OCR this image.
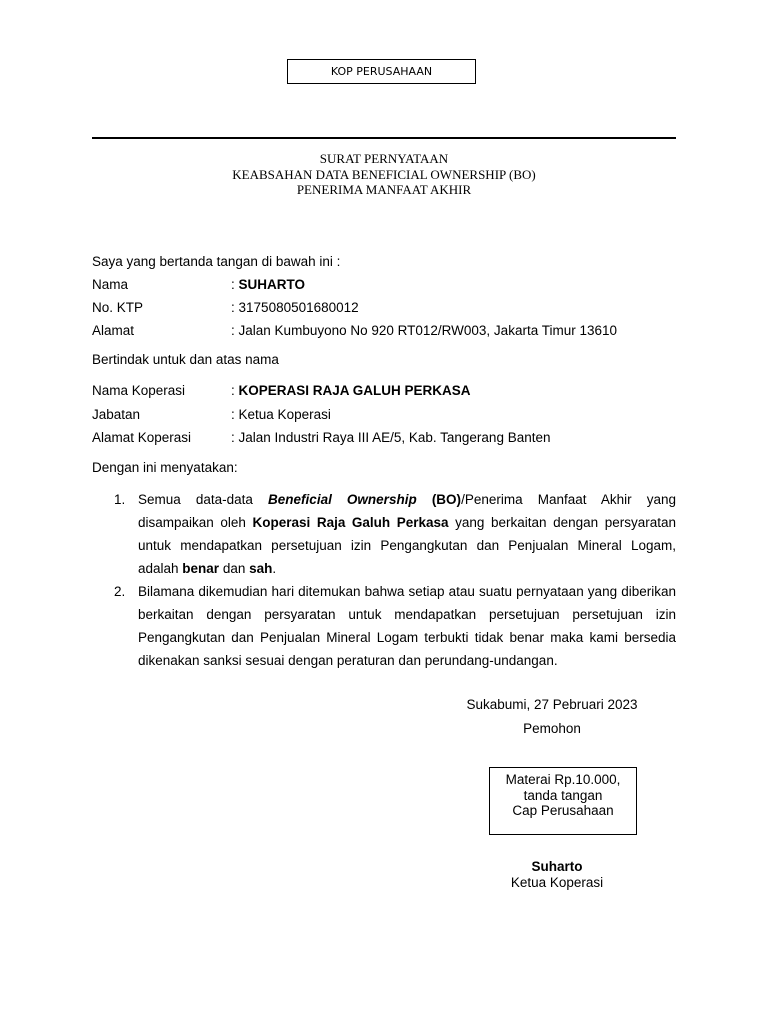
KOP PERUSAHAAN
SURAT PERNYATAAN
KEABSAHAN DATA BENEFICIAL OWNERSHIP (BO)
PENERIMA MANFAAT AKHIR
Saya yang bertanda tangan di bawah ini :
Nama	: SUHARTO
No. KTP	: 3175080501680012
Alamat	: Jalan Kumbuyono No 920 RT012/RW003, Jakarta Timur 13610
Bertindak untuk dan atas nama
Nama Koperasi	: KOPERASI RAJA GALUH PERKASA
Jabatan	: Ketua Koperasi
Alamat Koperasi	: Jalan Industri Raya III AE/5, Kab. Tangerang Banten
Dengan ini menyatakan:
1. Semua data-data Beneficial Ownership (BO)/Penerima Manfaat Akhir yang disampaikan oleh Koperasi Raja Galuh Perkasa yang berkaitan dengan persyaratan untuk mendapatkan persetujuan izin Pengangkutan dan Penjualan Mineral Logam, adalah benar dan sah.
2. Bilamana dikemudian hari ditemukan bahwa setiap atau suatu pernyataan yang diberikan berkaitan dengan persyaratan untuk mendapatkan persetujuan persetujuan izin Pengangkutan dan Penjualan Mineral Logam terbukti tidak benar maka kami bersedia dikenakan sanksi sesuai dengan peraturan dan perundang-undangan.
Sukabumi, 27 Pebruari 2023
Pemohon
Materai Rp.10.000,
tanda tangan
Cap Perusahaan
Suharto
Ketua Koperasi
